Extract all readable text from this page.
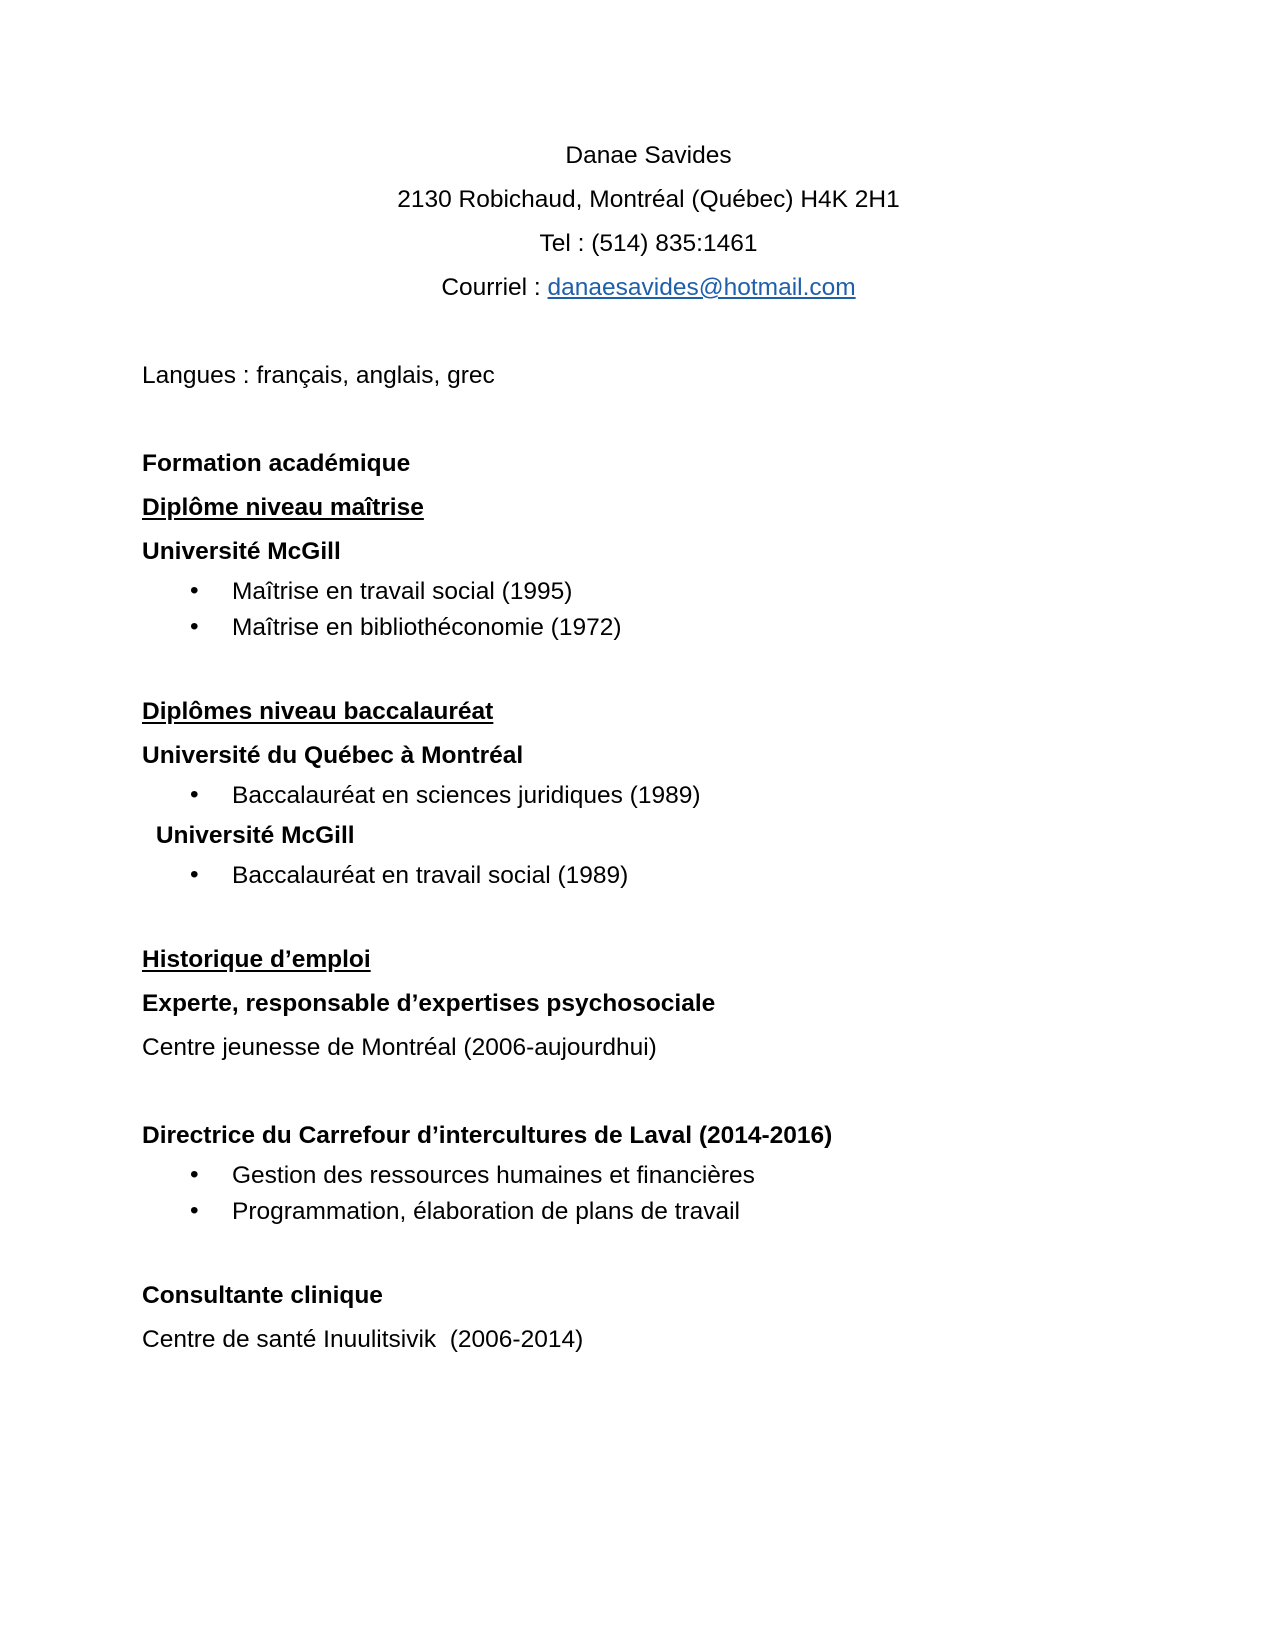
Danae Savides
2130 Robichaud, Montréal (Québec) H4K 2H1
Tel : (514) 835:1461
Courriel : danaesavides@hotmail.com

Langues : français, anglais, grec

Formation académique

Diplôme niveau maîtrise

Université McGill

• Maîtrise en travail social (1995)
• Maîtrise en bibliothéconomie (1972)

Diplômes niveau baccalauréat

Université du Québec à Montréal

• Baccalauréat en sciences juridiques (1989)

Université McGill

• Baccalauréat en travail social (1989)

Historique d’emploi

Experte, responsable d’expertises psychosociale

Centre jeunesse de Montréal (2006-aujourdhui)

Directrice du Carrefour d’intercultures de Laval (2014-2016)

• Gestion des ressources humaines et financières
• Programmation, élaboration de plans de travail

Consultante clinique

Centre de santé Inuulitsivik  (2006-2014)
